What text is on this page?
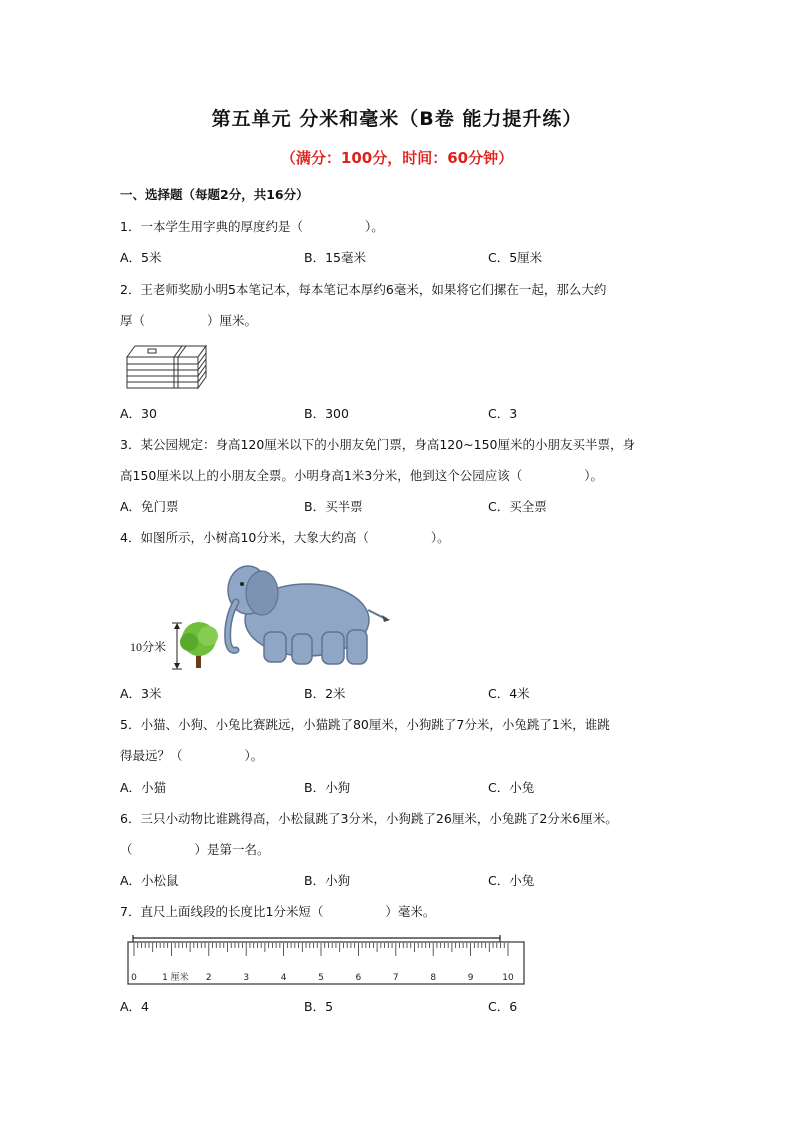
第五单元 分米和毫米（B卷 能力提升练）
（满分：100分，时间：60分钟）
一、选择题（每题2分，共16分）
1．一本学生用字典的厚度约是（	）。
A．5米	B．15毫米	C．5厘米
2．王老师奖励小明5本笔记本，每本笔记本厚约6毫米，如果将它们摞在一起，那么大约
厚（	）厘米。
A．30	B．300	C．3
3．某公园规定：身高120厘米以下的小朋友免门票，身高120~150厘米的小朋友买半票，身
高150厘米以上的小朋友全票。小明身高1米3分米，他到这个公园应该（	）。
A．免门票	B．买半票	C．买全票
4．如图所示，小树高10分米，大象大约高（	）。
10分米
A．3米	B．2米	C．4米
5．小猫、小狗、小兔比赛跳远，小猫跳了80厘米，小狗跳了7分米，小兔跳了1米，谁跳
得最远？（	）。
A．小猫	B．小狗	C．小兔
6．三只小动物比谁跳得高，小松鼠跳了3分米，小狗跳了26厘米，小兔跳了2分米6厘米。
（	）是第一名。
A．小松鼠	B．小狗	C．小兔
7．直尺上面线段的长度比1分米短（	）毫米。
0	1 厘米 2	3	4	5	6	7	8	9	10
A．4	B．5	C．6
